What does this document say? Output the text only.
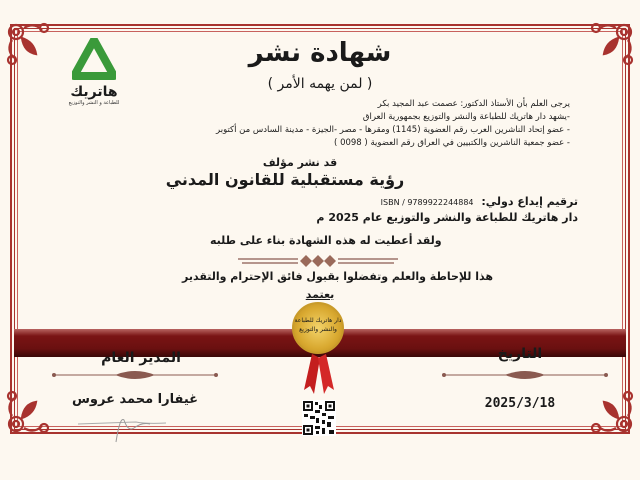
هاتريك
للطباعة و النشر والتوزيع
شهادة نشر
( لمن يهمه الأمر )
يرجى العلم بأن الأستاذ الدكتور: عصمت عبد المجيد بكر
-يشهد دار هاتريك للطباعة والنشر والتوزيع بجمهورية العراق
- عضو إتحاد الناشرين العرب رقم العضوية (1145) ومقرها - مصر -الجيزة - مدينة السادس من أكتوبر
- عضو جمعية الناشرين والكتبيين في العراق رقم العضوية ( 0098 )
قد نشر مؤلف
رؤية مستقبلية للقانون المدني
ترقيم إيداع دولي: 9789922244884 / ISBN
دار هاتريك للطباعة والنشر والتوزيع عام 2025 م
ولقد أعطيت له هذه الشهادة بناء على طلبه
هذا للإحاطة والعلم وتفضلوا بقبول فائق الإحترام والتقدير
يعتمد
دار هاتريك للطباعة والنشر والتوزيع
المدير العام	التاريخ
غيفارا محمد عروس	2025/3/18
